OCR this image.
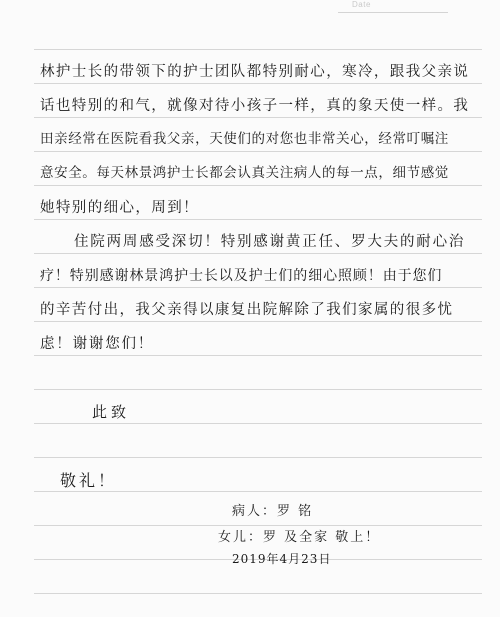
Date
林护士长的带领下的护士团队都特别耐心，寒冷，跟我父亲说
话也特别的和气，就像对待小孩子一样，真的象天使一样。我
田亲经常在医院看我父亲，天使们的对您也非常关心，经常叮嘱注
意安全。每天林景鸿护士长都会认真关注病人的每一点，细节感觉
她特别的细心，周到！
住院两周感受深切！特别感谢黄正任、罗大夫的耐心治
疗！特别感谢林景鸿护士长以及护士们的细心照顾！由于您们
的辛苦付出，我父亲得以康复出院解除了我们家属的很多忧
虑！谢谢您们！
此致
敬礼！
病人：罗 铭
女儿：罗 及全家 敬上！
2019年4月23日
